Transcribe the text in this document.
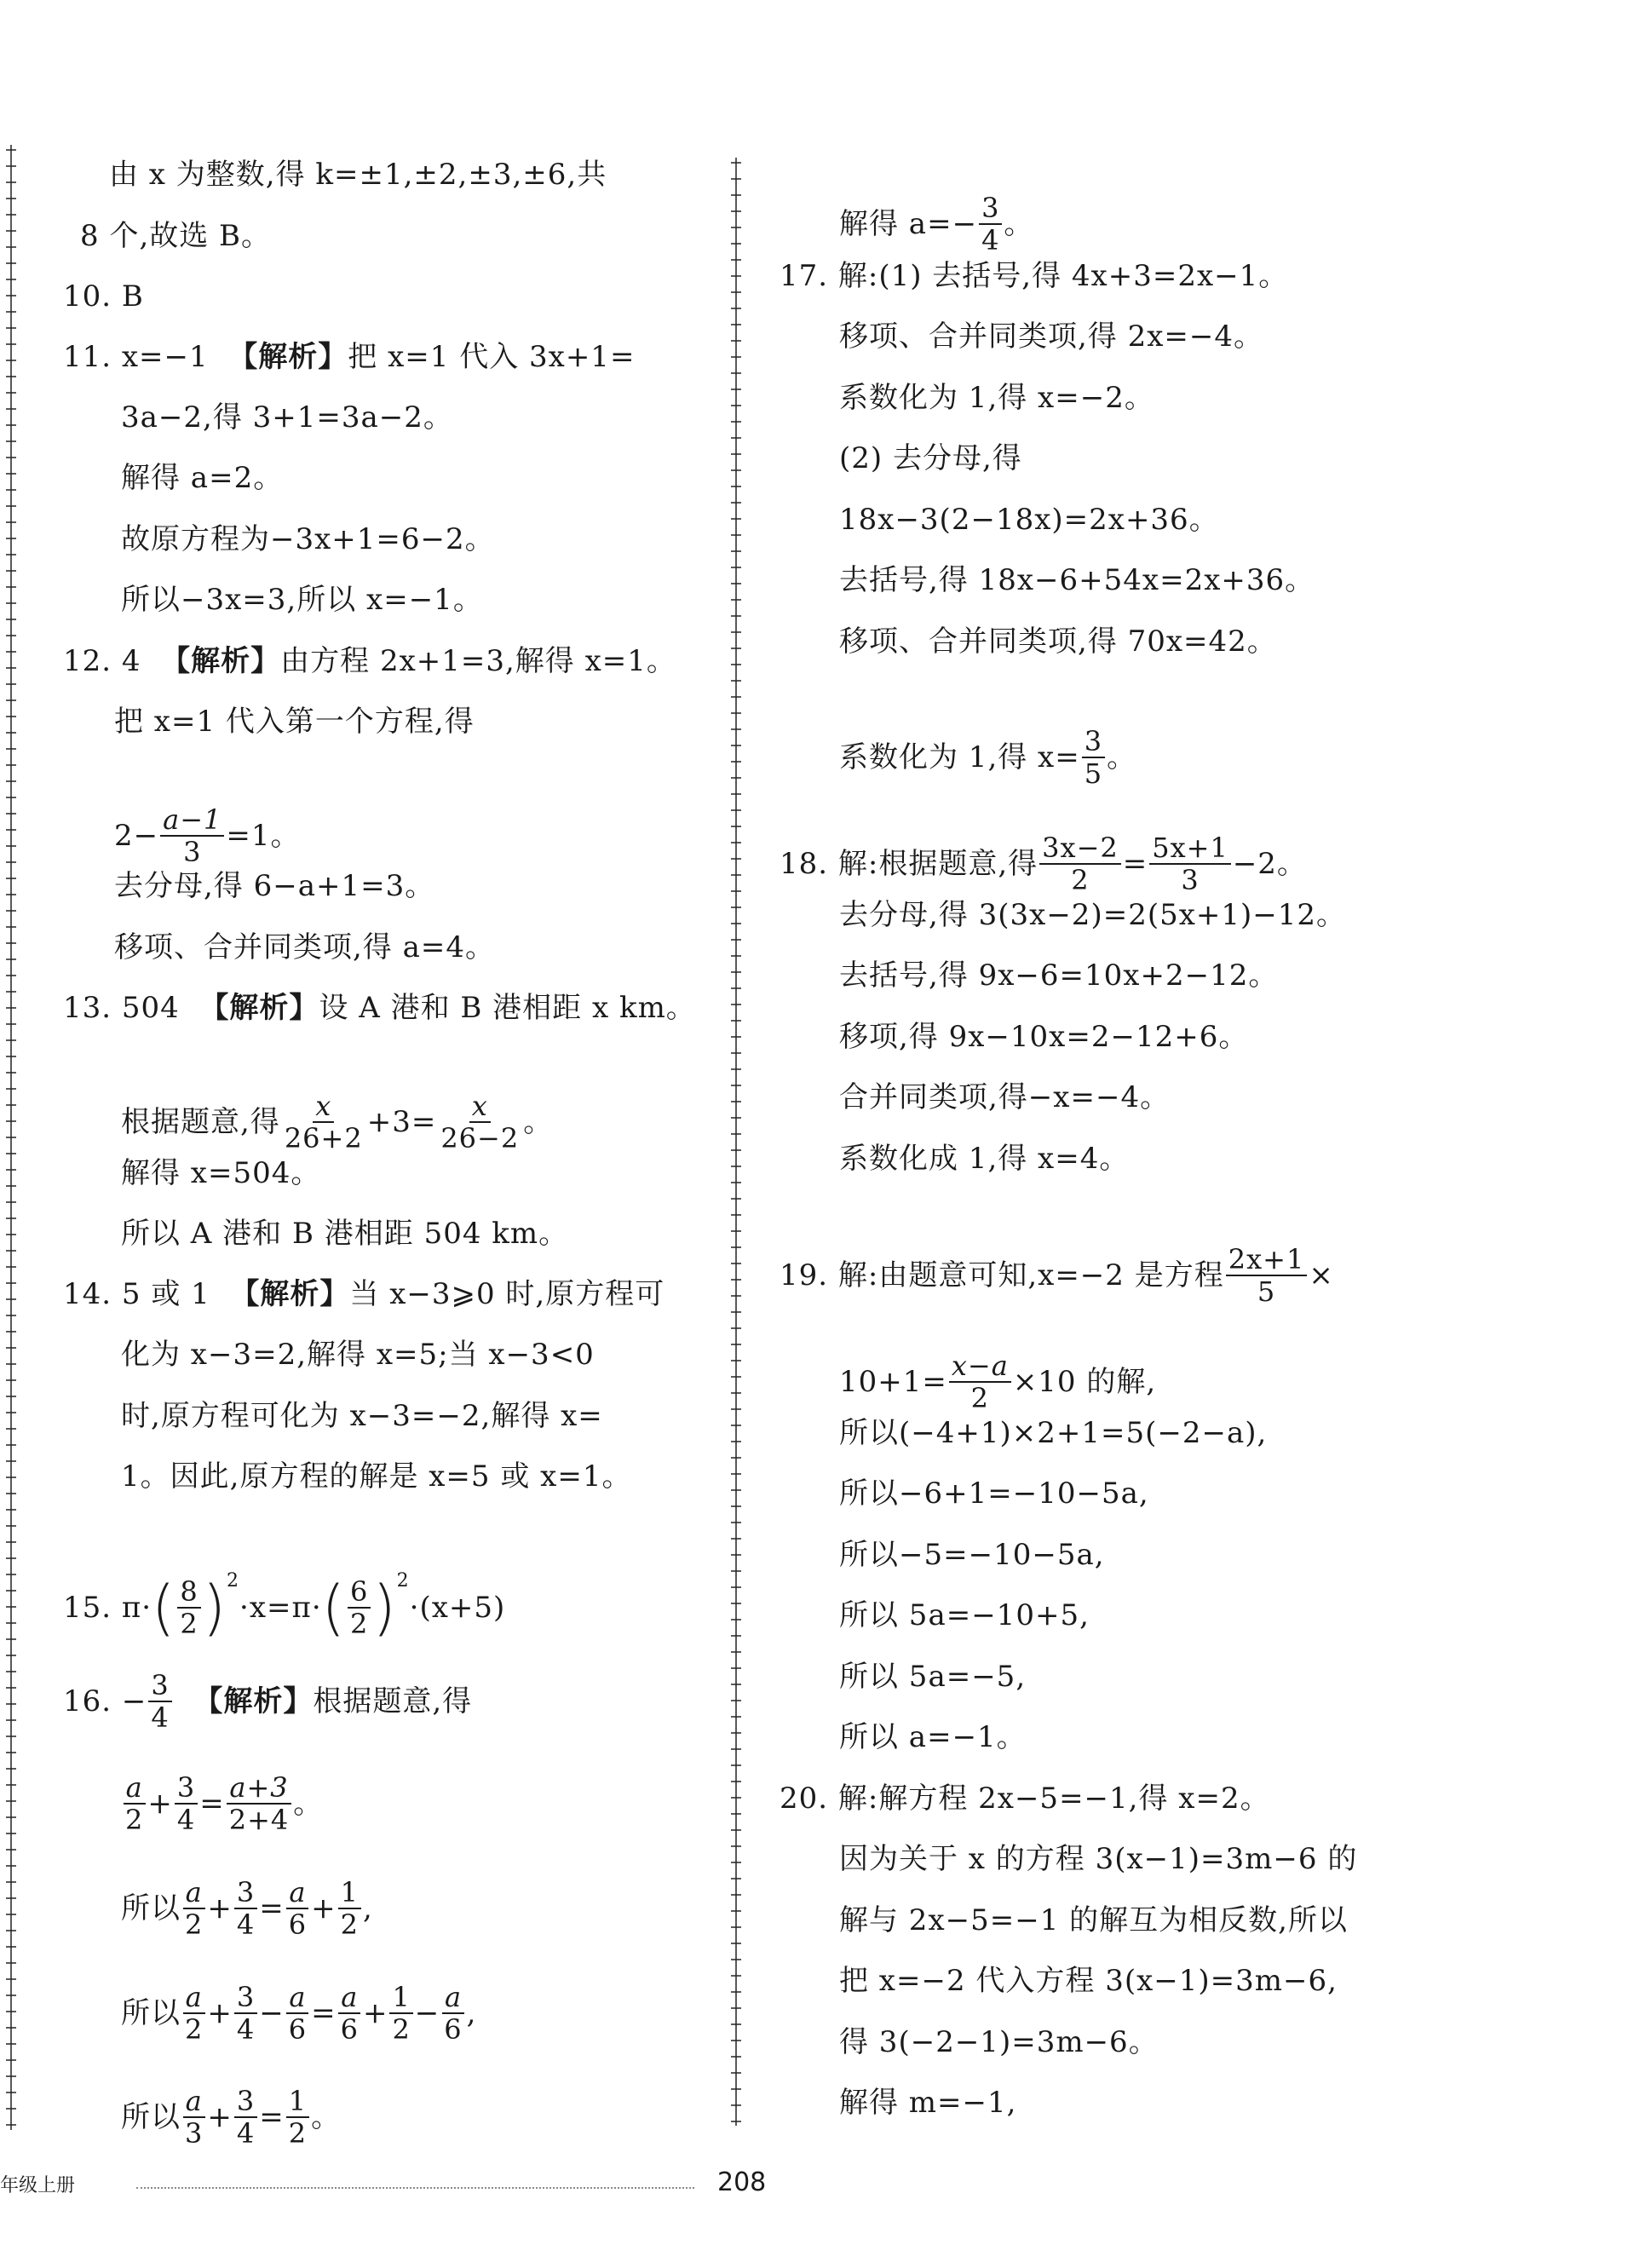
由 x 为整数,得 k=±1,±2,±3,±6,共
8 个,故选 B。
10. B
11. x=−1 【解析】把 x=1 代入 3x+1=
3a−2,得 3+1=3a−2。
解得 a=2。
故原方程为−3x+1=6−2。
所以−3x=3,所以 x=−1。
12. 4 【解析】由方程 2x+1=3,解得 x=1。
把 x=1 代入第一个方程,得
$2- \frac{a-1}{3} =1$。
去分母,得 6−a+1=3。
移项、合并同类项,得 a=4。
13. 504 【解析】设 A 港和 B 港相距 x km。
根据题意,得 $\frac{x}{26+2} +3= \frac{x}{26-2}$ 。
解得 x=504。
所以 A 港和 B 港相距 504 km。
14. 5 或 1 【解析】当 x−3⩾0 时,原方程可
化为 x−3=2,解得 x=5;当 x−3<0
时,原方程可化为 x−3=−2,解得 x=
1。因此,原方程的解是 x=5 或 x=1。
15. $\pi\cdot( \frac{8}{2} )^2\cdot x=\pi\cdot( \frac{6}{2} )^2\cdot(x+5)$
16. − $\frac{3}{4}$ 【解析】根据题意,得
$\frac{a}{2} + \frac{3}{4} = \frac{a+3}{2+4}$ 。
所以 $\frac{a}{2} + \frac{3}{4} = \frac{a}{6} + \frac{1}{2}$ ,
所以 $\frac{a}{2} + \frac{3}{4} - \frac{a}{6} = \frac{a}{6} + \frac{1}{2} - \frac{a}{6}$ ,
所以 $\frac{a}{3} + \frac{3}{4} = \frac{1}{2}$ 。
解得 $a=- \frac{3}{4}$ 。
17. 解:(1) 去括号,得 4x+3=2x−1。
移项、合并同类项,得 2x=−4。
系数化为 1,得 x=−2。
(2) 去分母,得
18x−3(2−18x)=2x+36。
去括号,得 18x−6+54x=2x+36。
移项、合并同类项,得 70x=42。
系数化为 1,得 $x= \frac{3}{5}$ 。
18. 解:根据题意,得 $\frac{3x-2}{2} = \frac{5x+1}{3} -2$。
去分母,得 3(3x−2)=2(5x+1)−12。
去括号,得 9x−6=10x+2−12。
移项,得 9x−10x=2−12+6。
合并同类项,得−x=−4。
系数化成 1,得 x=4。
19. 解:由题意可知,x=−2 是方程 $\frac{2x+1}{5}$ ×
$10+1= \frac{x-a}{2} \times 10$ 的解,
所以(−4+1)×2+1=5(−2−a),
所以−6+1=−10−5a,
所以−5=−10−5a,
所以 5a=−10+5,
所以 5a=−5,
所以 a=−1。
20. 解:解方程 2x−5=−1,得 x=2。
因为关于 x 的方程 3(x−1)=3m−6 的
解与 2x−5=−1 的解互为相反数,所以
把 x=−2 代入方程 3(x−1)=3m−6,
得 3(−2−1)=3m−6。
解得 m=−1,
年级上册	208
